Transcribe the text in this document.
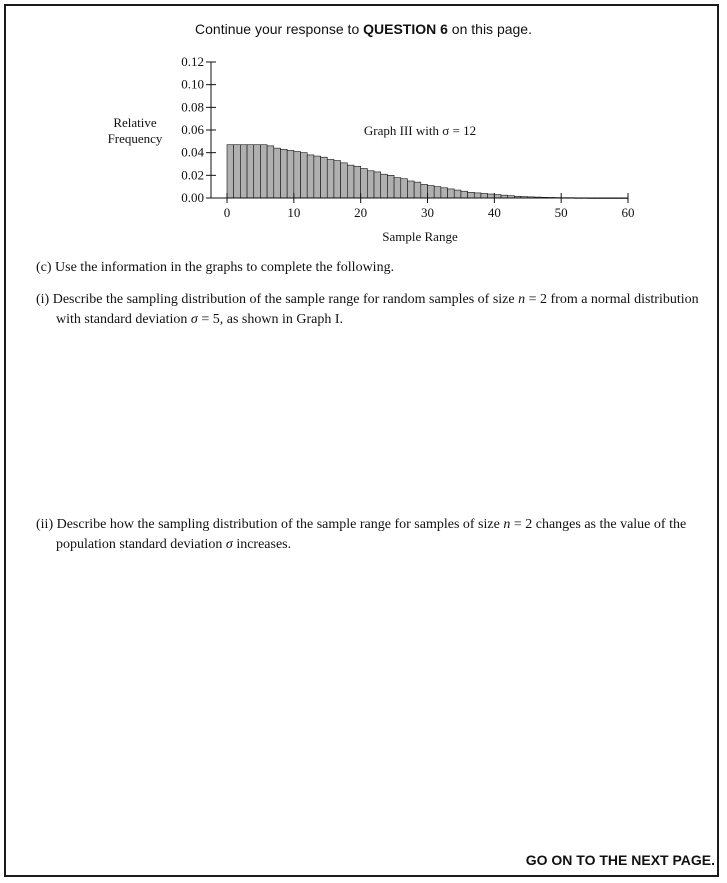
Continue your response to QUESTION 6 on this page.
0.00
0.02
0.04
0.06
0.08
0.10
0.12
0	10	20	30	40	50	60
Relative
Frequency
Graph III with σ = 12
Sample Range
(c) Use the information in the graphs to complete the following.
(i) Describe the sampling distribution of the sample range for random samples of size n = 2 from a normal distribution with standard deviation σ = 5, as shown in Graph I.
(ii) Describe how the sampling distribution of the sample range for samples of size n = 2 changes as the value of the population standard deviation σ increases.
GO ON TO THE NEXT PAGE.
